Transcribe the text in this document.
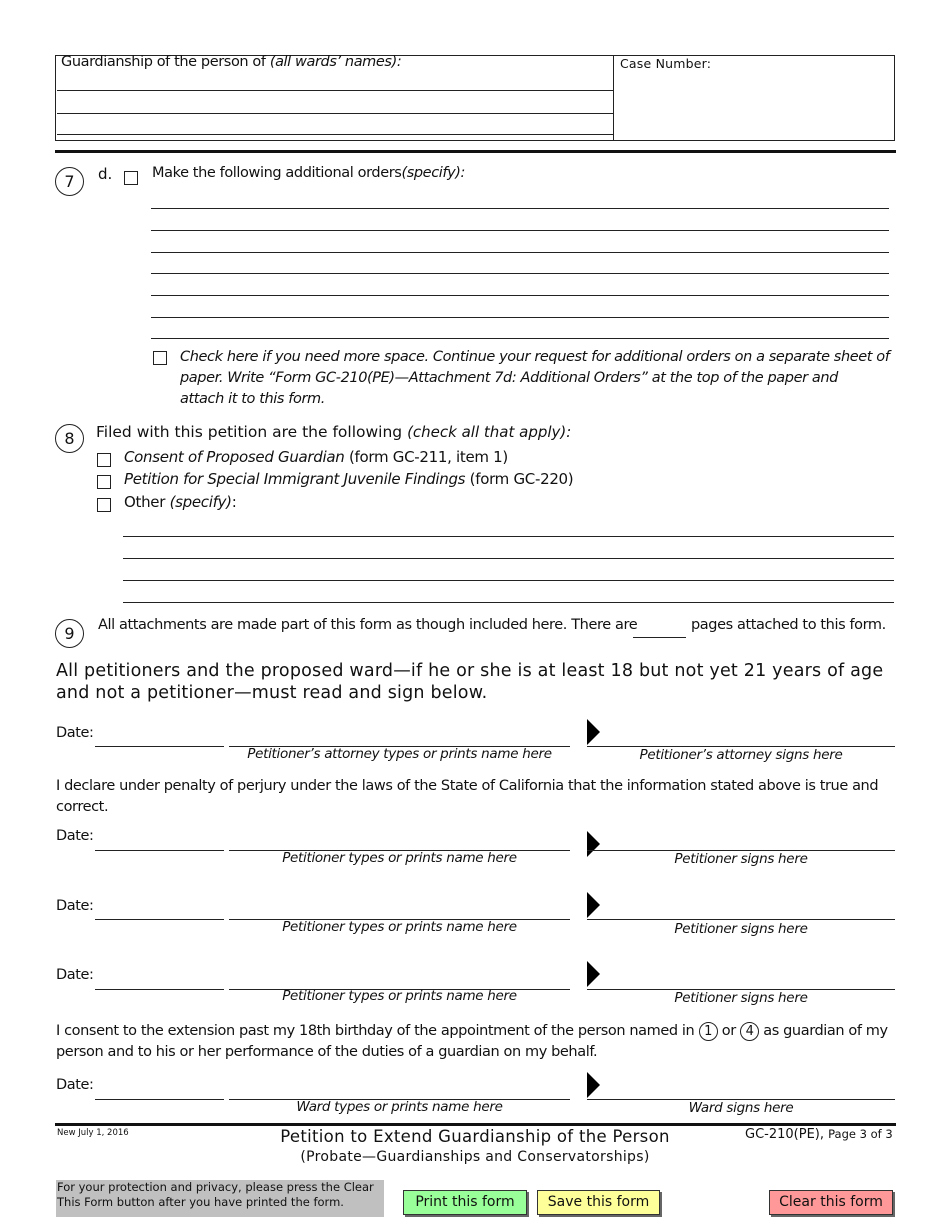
Guardianship of the person of (all wards’ names):	Case Number:
7	d.	Make the following additional orders(specify):
Check here if you need more space. Continue your request for additional orders on a separate sheet of
paper. Write “Form GC-210(PE)—Attachment 7d: Additional Orders” at the top of the paper and
attach it to this form.
8	Filed with this petition are the following (check all that apply):
Consent of Proposed Guardian (form GC-211, item 1)
Petition for Special Immigrant Juvenile Findings (form GC-220)
Other (specify):
9	All attachments are made part of this form as though included here. There are	pages attached to this form.
All petitioners and the proposed ward—if he or she is at least 18 but not yet 21 years of age
and not a petitioner—must read and sign below.
Date:
Petitioner’s attorney types or prints name here	Petitioner’s attorney signs here
I declare under penalty of perjury under the laws of the State of California that the information stated above is true and
correct.
Date:
Petitioner types or prints name here	Petitioner signs here
Date:
Petitioner types or prints name here	Petitioner signs here
Date:
Petitioner types or prints name here	Petitioner signs here
I consent to the extension past my 18th birthday of the appointment of the person named in 1 or 4 as guardian of my
person and to his or her performance of the duties of a guardian on my behalf.
Date:
Ward types or prints name here	Ward signs here
New July 1, 2016	Petition to Extend Guardianship of the Person
(Probate—Guardianships and Conservatorships)
GC-210(PE), Page 3 of 3
For your protection and privacy, please press the Clear
This Form button after you have printed the form.	Print this form	Save this form	Clear this form
